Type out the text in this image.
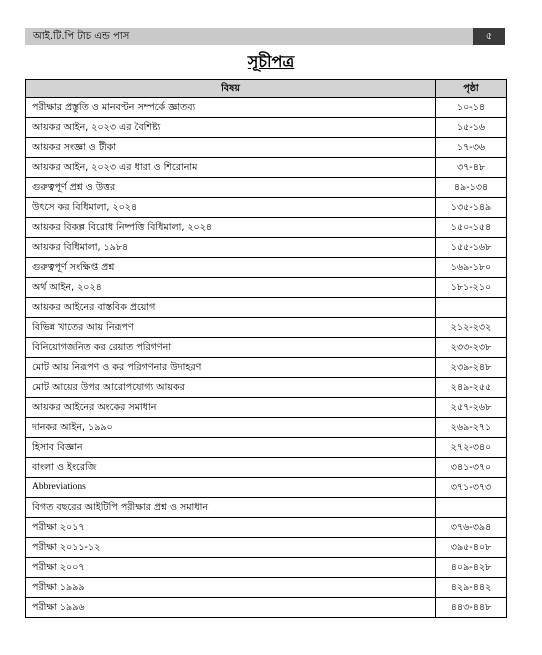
আই.টি.পি টাচ এন্ড পাস	৫
সূচীপত্র
বিষয়	পৃষ্ঠা
পরীক্ষার প্রস্তুতি ও মানবণ্টন সম্পর্কে জ্ঞাতব্য	১০-১৪
আয়কর আইন, ২০২৩ এর বৈশিষ্ট্য	১৫-১৬
আয়কর সংজ্ঞা ও টীকা	১৭-৩৬
আয়কর আইন, ২০২৩ এর ধারা ও শিরোনাম	৩৭-৪৮
গুরুত্বপূর্ণ প্রশ্ন ও উত্তর	৪৯-১৩৪
উৎসে কর বিধিমালা, ২০২৪	১৩৫-১৪৯
আয়কর বিকল্প বিরোধ নিষ্পত্তি বিধিমালা, ২০২৪	১৫০-১৫৪
আয়কর বিধিমালা, ১৯৮৪	১৫৫-১৬৮
গুরুত্বপূর্ণ সংক্ষিপ্ত প্রশ্ন	১৬৯-১৮০
অর্থ আইন, ২০২৪	১৮১-২১০
আয়কর আইনের বাস্তবিক প্রয়োগ	
বিভিন্ন খাতের আয় নিরূপণ	২১২-২৩২
বিনিয়োগজনিত কর রেয়াত পরিগণনা	২৩৩-২৩৮
মোট আয় নিরূপণ ও কর পরিগণনার উদাহরণ	২৩৯-২৪৮
মোট আয়ের উপর আরোপযোগ্য আয়কর	২৪৯-২৫৫
আয়কর আইনের অংকের সমাধান	২৫৭-২৬৮
দানকর আইন, ১৯৯০	২৬৯-২৭১
হিসাব বিজ্ঞান	২৭২-৩৪০
বাংলা ও ইংরেজি	৩৪১-৩৭০
Abbreviations	৩৭১-৩৭৩
বিগত বছরের আইটিপি পরীক্ষার প্রশ্ন ও সমাধান	
পরীক্ষা ২০১৭	৩৭৬-৩৯৪
পরীক্ষা ২০১১-১২	৩৯৫-৪০৮
পরীক্ষা ২০০৭	৪০৯-৪২৮
পরীক্ষা ১৯৯৯	৪২৯-৪৪২
পরীক্ষা ১৯৯৬	৪৪৩-৪৪৮
